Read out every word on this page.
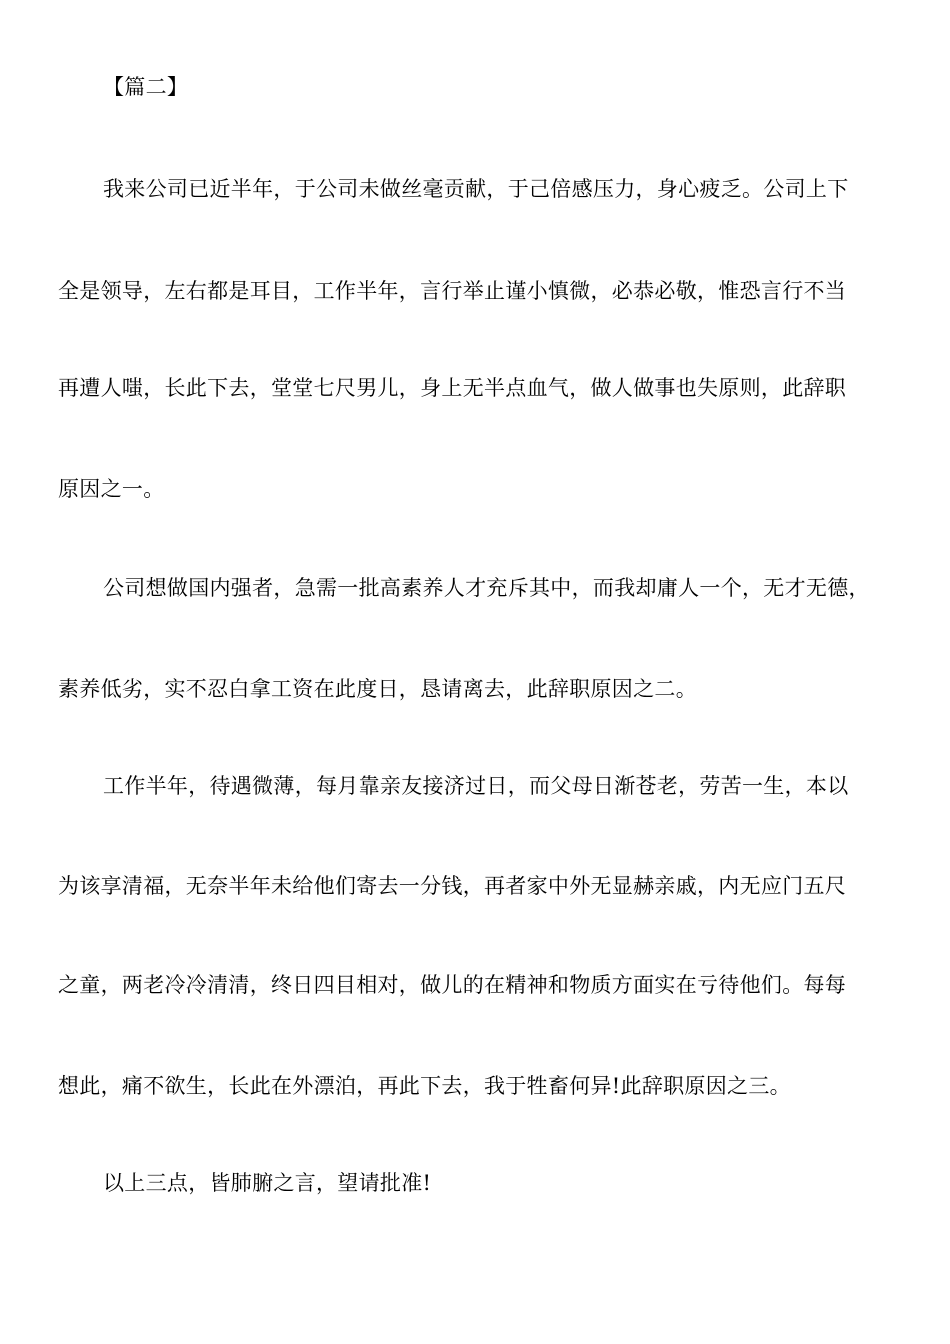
【篇二】
我来公司已近半年，于公司未做丝毫贡献，于己倍感压力，身心疲乏。公司上下
全是领导，左右都是耳目，工作半年，言行举止谨小慎微，必恭必敬，惟恐言行不当
再遭人嗤，长此下去，堂堂七尺男儿，身上无半点血气，做人做事也失原则，此辞职
原因之一。
公司想做国内强者，急需一批高素养人才充斥其中，而我却庸人一个，无才无德，
素养低劣，实不忍白拿工资在此度日，恳请离去，此辞职原因之二。
工作半年，待遇微薄，每月靠亲友接济过日，而父母日渐苍老，劳苦一生，本以
为该享清福，无奈半年未给他们寄去一分钱，再者家中外无显赫亲戚，内无应门五尺
之童，两老冷冷清清，终日四目相对，做儿的在精神和物质方面实在亏待他们。每每
想此，痛不欲生，长此在外漂泊，再此下去，我于牲畜何异!此辞职原因之三。
以上三点，皆肺腑之言，望请批准!
